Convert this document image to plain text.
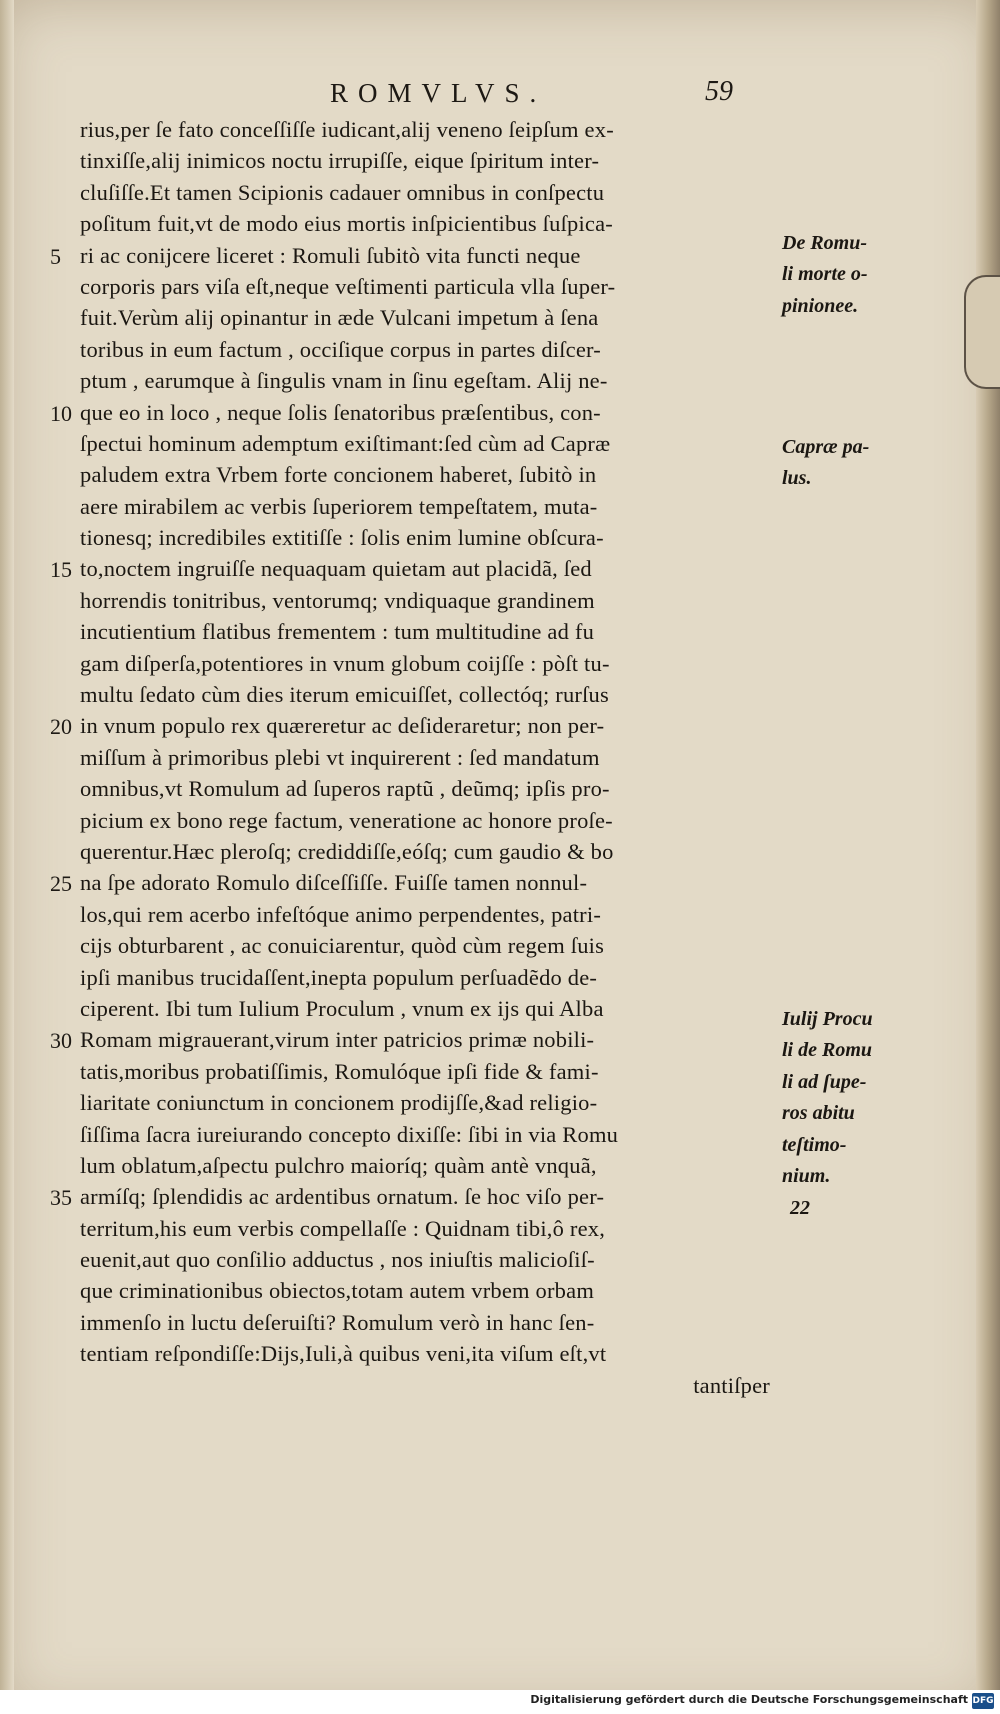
ROMVLVS.	59
rius,per ſe fato conceſſiſſe iudicant,alij veneno ſeipſum ex-
tinxiſſe,alij inimicos noctu irrupiſſe, eique ſpiritum inter-
cluſiſſe.Et tamen Scipionis cadauer omnibus in conſpectu
poſitum fuit,vt de modo eius mortis inſpicientibus ſuſpica-
5 ri ac conijcere liceret : Romuli ſubitò vita functi neque
corporis pars viſa eſt,neque veſtimenti particula vlla ſuper-
fuit.Verùm alij opinantur in æde Vulcani impetum à ſena
toribus in eum factum , occiſique corpus in partes diſcer-
ptum , earumque à ſingulis vnam in ſinu egeſtam. Alij ne-
10 que eo in loco , neque ſolis ſenatoribus præſentibus, con-
ſpectui hominum ademptum exiſtimant:ſed cùm ad Capræ
paludem extra Vrbem forte concionem haberet, ſubitò in
aere mirabilem ac verbis ſuperiorem tempeſtatem, muta-
tionesq; incredibiles extitiſſe : ſolis enim lumine obſcura-
15 to,noctem ingruiſſe nequaquam quietam aut placidã, ſed
horrendis tonitribus, ventorumq; vndiquaque grandinem
incutientium flatibus frementem : tum multitudine ad fu
gam diſperſa,potentiores in vnum globum coijſſe : pòſt tu-
multu ſedato cùm dies iterum emicuiſſet, collectóq; rurſus
20 in vnum populo rex quæreretur ac deſideraretur; non per-
miſſum à primoribus plebi vt inquirerent : ſed mandatum
omnibus,vt Romulum ad ſuperos raptũ , deũmq; ipſis pro-
picium ex bono rege factum, veneratione ac honore proſe-
querentur.Hæc pleroſq; crediddiſſe,eóſq; cum gaudio & bo
25 na ſpe adorato Romulo diſceſſiſſe. Fuiſſe tamen nonnul-
los,qui rem acerbo infeſtóque animo perpendentes, patri-
cijs obturbarent , ac conuiciarentur, quòd cùm regem ſuis
ipſi manibus trucidaſſent,inepta populum perſuadẽdo de-
ciperent. Ibi tum Iulium Proculum , vnum ex ijs qui Alba
30 Romam migrauerant,virum inter patricios primæ nobili-
tatis,moribus probatiſſimis, Romulóque ipſi fide & fami-
liaritate coniunctum in concionem prodijſſe,&ad religio-
ſiſſima ſacra iureiurando concepto dixiſſe: ſibi in via Romu
lum oblatum,aſpectu pulchro maioríq; quàm antè vnquã,
35 armíſq; ſplendidis ac ardentibus ornatum. ſe hoc viſo per-
territum,his eum verbis compellaſſe : Quidnam tibi,ô rex,
euenit,aut quo conſilio adductus , nos iniuſtis malicioſiſ-
que criminationibus obiectos,totam autem vrbem orbam
immenſo in luctu deſeruiſti? Romulum verò in hanc ſen-
tentiam reſpondiſſe:Dijs,Iuli,à quibus veni,ita viſum eſt,vt
tantiſper
De Romu-
li morte o-
pinionee.
Capræ pa-
lus.
Iulij Procu
li de Romu
li ad ſupe-
ros abitu
teſtimo-
nium.
22
Digitalisierung gefördert durch die Deutsche Forschungsgemeinschaft DFG
